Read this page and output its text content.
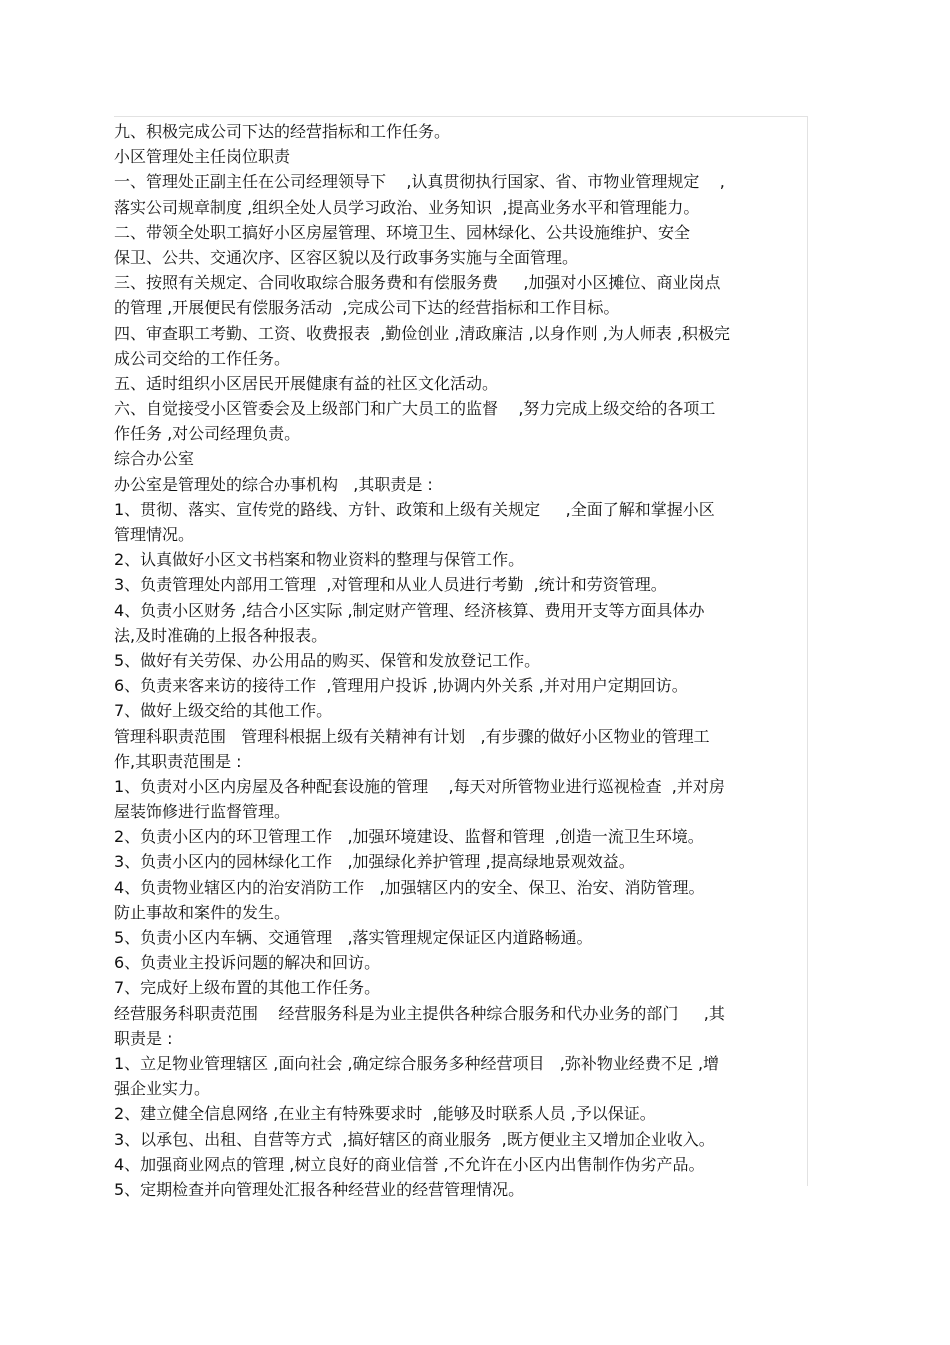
九、积极完成公司下达的经营指标和工作任务。
小区管理处主任岗位职责
一、管理处正副主任在公司经理领导下    ,认真贯彻执行国家、省、市物业管理规定    ,
落实公司规章制度 ,组织全处人员学习政治、业务知识  ,提高业务水平和管理能力。
二、带领全处职工搞好小区房屋管理、环境卫生、园林绿化、公共设施维护、安全
保卫、公共、交通次序、区容区貌以及行政事务实施与全面管理。
三、按照有关规定、合同收取综合服务费和有偿服务费     ,加强对小区摊位、商业岗点
的管理 ,开展便民有偿服务活动  ,完成公司下达的经营指标和工作目标。
四、审查职工考勤、工资、收费报表  ,勤俭创业 ,清政廉洁 ,以身作则 ,为人师表 ,积极完
成公司交给的工作任务。
五、适时组织小区居民开展健康有益的社区文化活动。
六、自觉接受小区管委会及上级部门和广大员工的监督    ,努力完成上级交给的各项工
作任务 ,对公司经理负责。
综合办公室
办公室是管理处的综合办事机构   ,其职责是 :
1、贯彻、落实、宣传党的路线、方针、政策和上级有关规定     ,全面了解和掌握小区
管理情况。
2、认真做好小区文书档案和物业资料的整理与保管工作。
3、负责管理处内部用工管理  ,对管理和从业人员进行考勤  ,统计和劳资管理。
4、负责小区财务 ,结合小区实际 ,制定财产管理、经济核算、费用开支等方面具体办
法,及时准确的上报各种报表。
5、做好有关劳保、办公用品的购买、保管和发放登记工作。
6、负责来客来访的接待工作  ,管理用户投诉 ,协调内外关系 ,并对用户定期回访。
7、做好上级交给的其他工作。
管理科职责范围   管理科根据上级有关精神有计划   ,有步骤的做好小区物业的管理工
作,其职责范围是 :
1、负责对小区内房屋及各种配套设施的管理    ,每天对所管物业进行巡视检查  ,并对房
屋装饰修进行监督管理。
2、负责小区内的环卫管理工作   ,加强环境建设、监督和管理  ,创造一流卫生环境。
3、负责小区内的园林绿化工作   ,加强绿化养护管理 ,提高绿地景观效益。
4、负责物业辖区内的治安消防工作   ,加强辖区内的安全、保卫、治安、消防管理。
防止事故和案件的发生。
5、负责小区内车辆、交通管理   ,落实管理规定保证区内道路畅通。
6、负责业主投诉问题的解决和回访。
7、完成好上级布置的其他工作任务。
经营服务科职责范围    经营服务科是为业主提供各种综合服务和代办业务的部门     ,其
职责是 :
1、立足物业管理辖区 ,面向社会 ,确定综合服务多种经营项目   ,弥补物业经费不足 ,增
强企业实力。
2、建立健全信息网络 ,在业主有特殊要求时  ,能够及时联系人员 ,予以保证。
3、以承包、出租、自营等方式  ,搞好辖区的商业服务  ,既方便业主又增加企业收入。
4、加强商业网点的管理 ,树立良好的商业信誉 ,不允许在小区内出售制作伪劣产品。
5、定期检查并向管理处汇报各种经营业的经营管理情况。
